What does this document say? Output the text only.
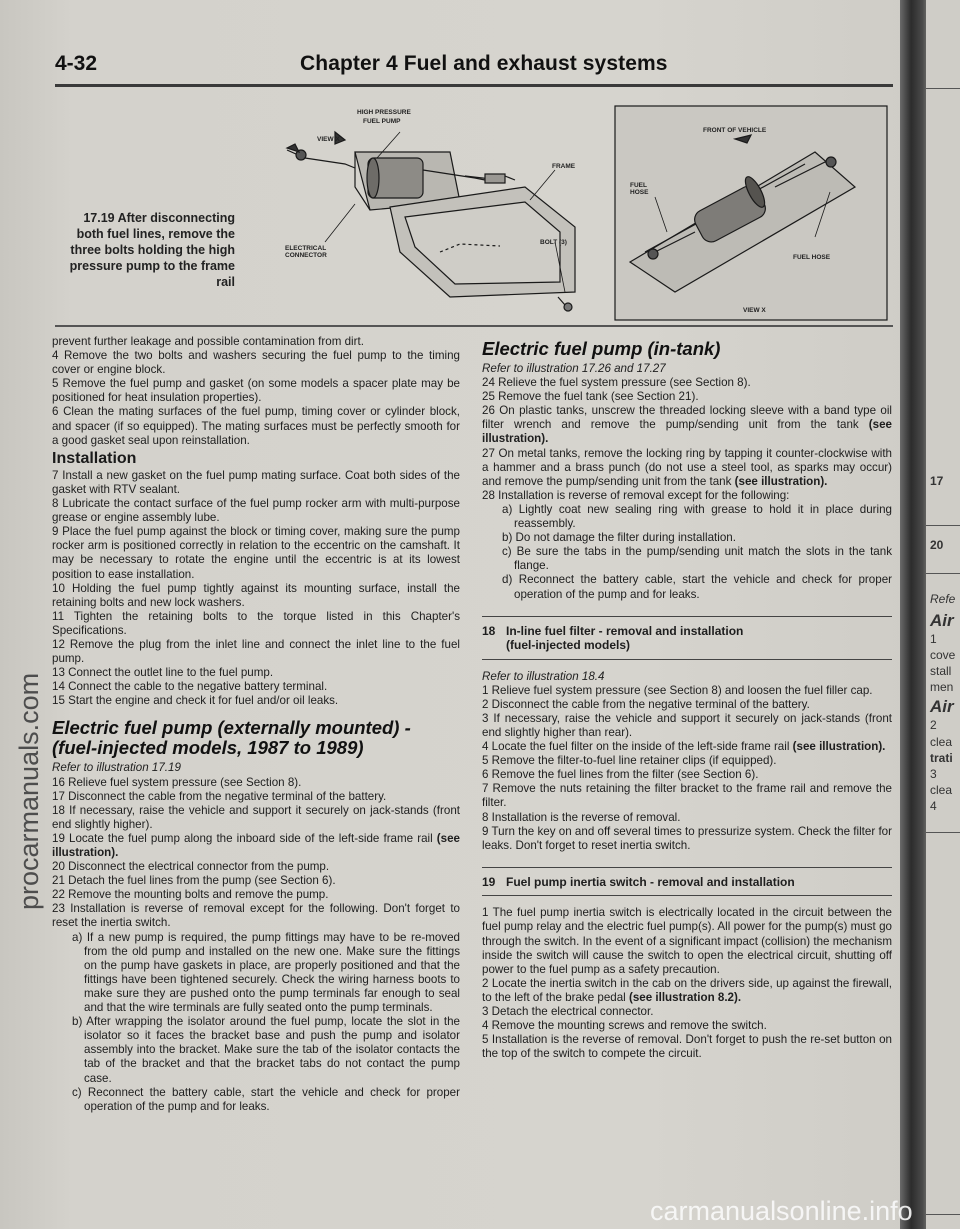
4-32	Chapter 4 Fuel and exhaust systems
17.19 After disconnecting both fuel lines, remove the three bolts holding the high pressure pump to the frame rail
HIGH PRESSURE
FUEL PUMP
VIEW X
FRAME
ELECTRICAL
CONNECTOR
BOLT (3)
FRONT OF VEHICLE
FUEL
HOSE
FUEL HOSE
VIEW X

prevent further leakage and possible contamination from dirt.

4 Remove the two bolts and washers securing the fuel pump to the timing cover or engine block.

5 Remove the fuel pump and gasket (on some models a spacer plate may be positioned for heat insulation properties).

6 Clean the mating surfaces of the fuel pump, timing cover or cylinder block, and spacer (if so equipped). The mating surfaces must be perfectly smooth for a good gasket seal upon reinstallation.

Installation

7 Install a new gasket on the fuel pump mating surface. Coat both sides of the gasket with RTV sealant.

8 Lubricate the contact surface of the fuel pump rocker arm with multi-purpose grease or engine assembly lube.

9 Place the fuel pump against the block or timing cover, making sure the pump rocker arm is positioned correctly in relation to the eccentric on the camshaft. It may be necessary to rotate the engine until the eccentric is at its lowest position to ease installation.

10 Holding the fuel pump tightly against its mounting surface, install the retaining bolts and new lock washers.

11 Tighten the retaining bolts to the torque listed in this Chapter's Specifications.

12 Remove the plug from the inlet line and connect the inlet line to the fuel pump.

13 Connect the outlet line to the fuel pump.

14 Connect the cable to the negative battery terminal.

15 Start the engine and check it for fuel and/or oil leaks.

Electric fuel pump (externally mounted) - (fuel-injected models, 1987 to 1989)

Refer to illustration 17.19

16 Relieve fuel system pressure (see Section 8).

17 Disconnect the cable from the negative terminal of the battery.

18 If necessary, raise the vehicle and support it securely on jack-stands (front end slightly higher).

19 Locate the fuel pump along the inboard side of the left-side frame rail (see illustration).

20 Disconnect the electrical connector from the pump.

21 Detach the fuel lines from the pump (see Section 6).

22 Remove the mounting bolts and remove the pump.

23 Installation is reverse of removal except for the following. Don't forget to reset the inertia switch.

a) If a new pump is required, the pump fittings may have to be re-moved from the old pump and installed on the new one. Make sure the fittings on the pump have gaskets in place, are properly positioned and that the fittings have been tightened securely. Check the wiring harness boots to make sure they are pushed onto the pump terminals far enough to seal and that the wire terminals are fully seated onto the pump terminals.

b) After wrapping the isolator around the fuel pump, locate the slot in the isolator so it faces the bracket base and push the pump and isolator assembly into the bracket. Make sure the tab of the isolator contacts the tab of the bracket and that the bracket tabs do not contact the pump case.

c) Reconnect the battery cable, start the vehicle and check for proper operation of the pump and for leaks.

Electric fuel pump (in-tank)

Refer to illustration 17.26 and 17.27

24 Relieve the fuel system pressure (see Section 8).

25 Remove the fuel tank (see Section 21).

26 On plastic tanks, unscrew the threaded locking sleeve with a band type oil filter wrench and remove the pump/sending unit from the tank (see illustration).

27 On metal tanks, remove the locking ring by tapping it counter-clockwise with a hammer and a brass punch (do not use a steel tool, as sparks may occur) and remove the pump/sending unit from the tank (see illustration).

28 Installation is reverse of removal except for the following:

a) Lightly coat new sealing ring with grease to hold it in place during reassembly.

b) Do not damage the filter during installation.

c) Be sure the tabs in the pump/sending unit match the slots in the tank flange.

d) Reconnect the battery cable, start the vehicle and check for proper operation of the pump and for leaks.

18 In-line fuel filter - removal and installation
(fuel-injected models)

Refer to illustration 18.4

1 Relieve fuel system pressure (see Section 8) and loosen the fuel filler cap.

2 Disconnect the cable from the negative terminal of the battery.

3 If necessary, raise the vehicle and support it securely on jack-stands (front end slightly higher than rear).

4 Locate the fuel filter on the inside of the left-side frame rail (see illustration).

5 Remove the filter-to-fuel line retainer clips (if equipped).

6 Remove the fuel lines from the filter (see Section 6).

7 Remove the nuts retaining the filter bracket to the frame rail and remove the filter.

8 Installation is the reverse of removal.

9 Turn the key on and off several times to pressurize system. Check the filter for leaks. Don't forget to reset inertia switch.

19 Fuel pump inertia switch - removal and installation

1 The fuel pump inertia switch is electrically located in the circuit between the fuel pump relay and the electric fuel pump(s). All power for the pump(s) must go through the switch. In the event of a significant impact (collision) the mechanism inside the switch will cause the switch to open the electrical circuit, shutting off power to the fuel pump as a safety precaution.

2 Locate the inertia switch in the cab on the drivers side, up against the firewall, to the left of the brake pedal (see illustration 8.2).

3 Detach the electrical connector.

4 Remove the mounting screws and remove the switch.

5 Installation is the reverse of removal. Don't forget to push the re-set button on the top of the switch to compete the circuit.

procarmanuals.com
17
20
Refe
Air
1
cove
stall
men
Air
2
clea
trati
3
clea
4
carmanualsonline.info
